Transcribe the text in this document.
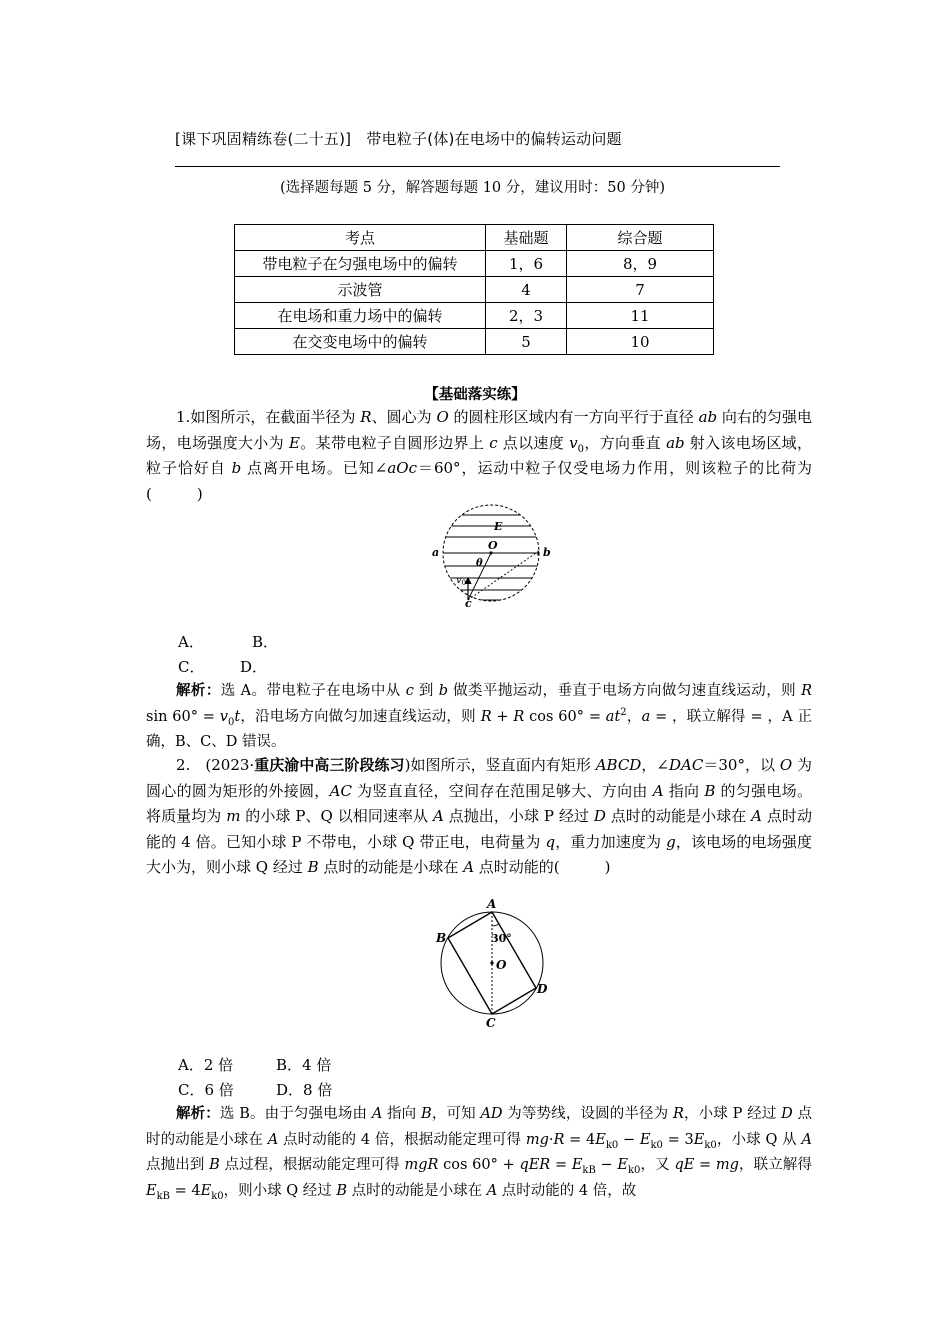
[课下巩固精练卷(二十五)]　带电粒子(体)在电场中的偏转运动问题
(选择题每题 5 分，解答题每题 10 分，建议用时：50 分钟)
考点	基础题	综合题
带电粒子在匀强电场中的偏转	1，6	8，9
示波管	4	7
在电场和重力场中的偏转	2，3	11
在交变电场中的偏转	5	10
【基础落实练】

1.如图所示，在截面半径为 R、圆心为 O 的圆柱形区域内有一方向平行于直径 ab 向右的匀强电场，电场强度大小为 E。某带电粒子自圆形边界上 c 点以速度 $v_0$，方向垂直 ab 射入该电场区域，粒子恰好自 b 点离开电场。已知∠aOc＝60°，运动中粒子仅受电场力作用，则该粒子的比荷为(　　　)

E
O
a	b
θ
$v_0$
c
A．	B．
C． D．

解析：选 A。带电粒子在电场中从 c 到 b 做类平抛运动，垂直于电场方向做匀速直线运动，则 R $\sin 60^\circ = v_0t$，沿电场方向做匀加速直线运动，则 R + R $\cos 60^\circ = at^2$，a = ，联立解得 = ，A 正确，B、C、D 错误。

2.　(2023·重庆渝中高三阶段练习)如图所示，竖直面内有矩形 ABCD，∠DAC＝30°，以 O 为圆心的圆为矩形的外接圆，AC 为竖直直径，空间存在范围足够大、方向由 A 指向 B 的匀强电场。将质量均为 m 的小球 P、Q 以相同速率从 A 点抛出，小球 P 经过 D 点时的动能是小球在 A 点时动能的 4 倍。已知小球 P 不带电，小球 Q 带正电，电荷量为 q，重力加速度为 g，该电场的电场强度大小为，则小球 Q 经过 B 点时的动能是小球在 A 点时动能的(　　　)

A
B
C
D
O
30°
A．2 倍	B．4 倍
C．6 倍	D．8 倍

解析：选 B。由于匀强电场由 A 指向 B，可知 AD 为等势线，设圆的半径为 R，小球 P 经过 D 点时的动能是小球在 A 点时动能的 4 倍，根据动能定理可得 $mg\cdot R = 4E_{k0} - E_{k0} = 3E_{k0}$，小球 Q 从 A 点抛出到 B 点过程，根据动能定理可得 mgR cos 60° + qER = $E_{kB} - E_{k0}$，又 qE = mg，联立解得 $E_{kB} = 4E_{k0}$，则小球 Q 经过 B 点时的动能是小球在 A 点时动能的 4 倍，故
